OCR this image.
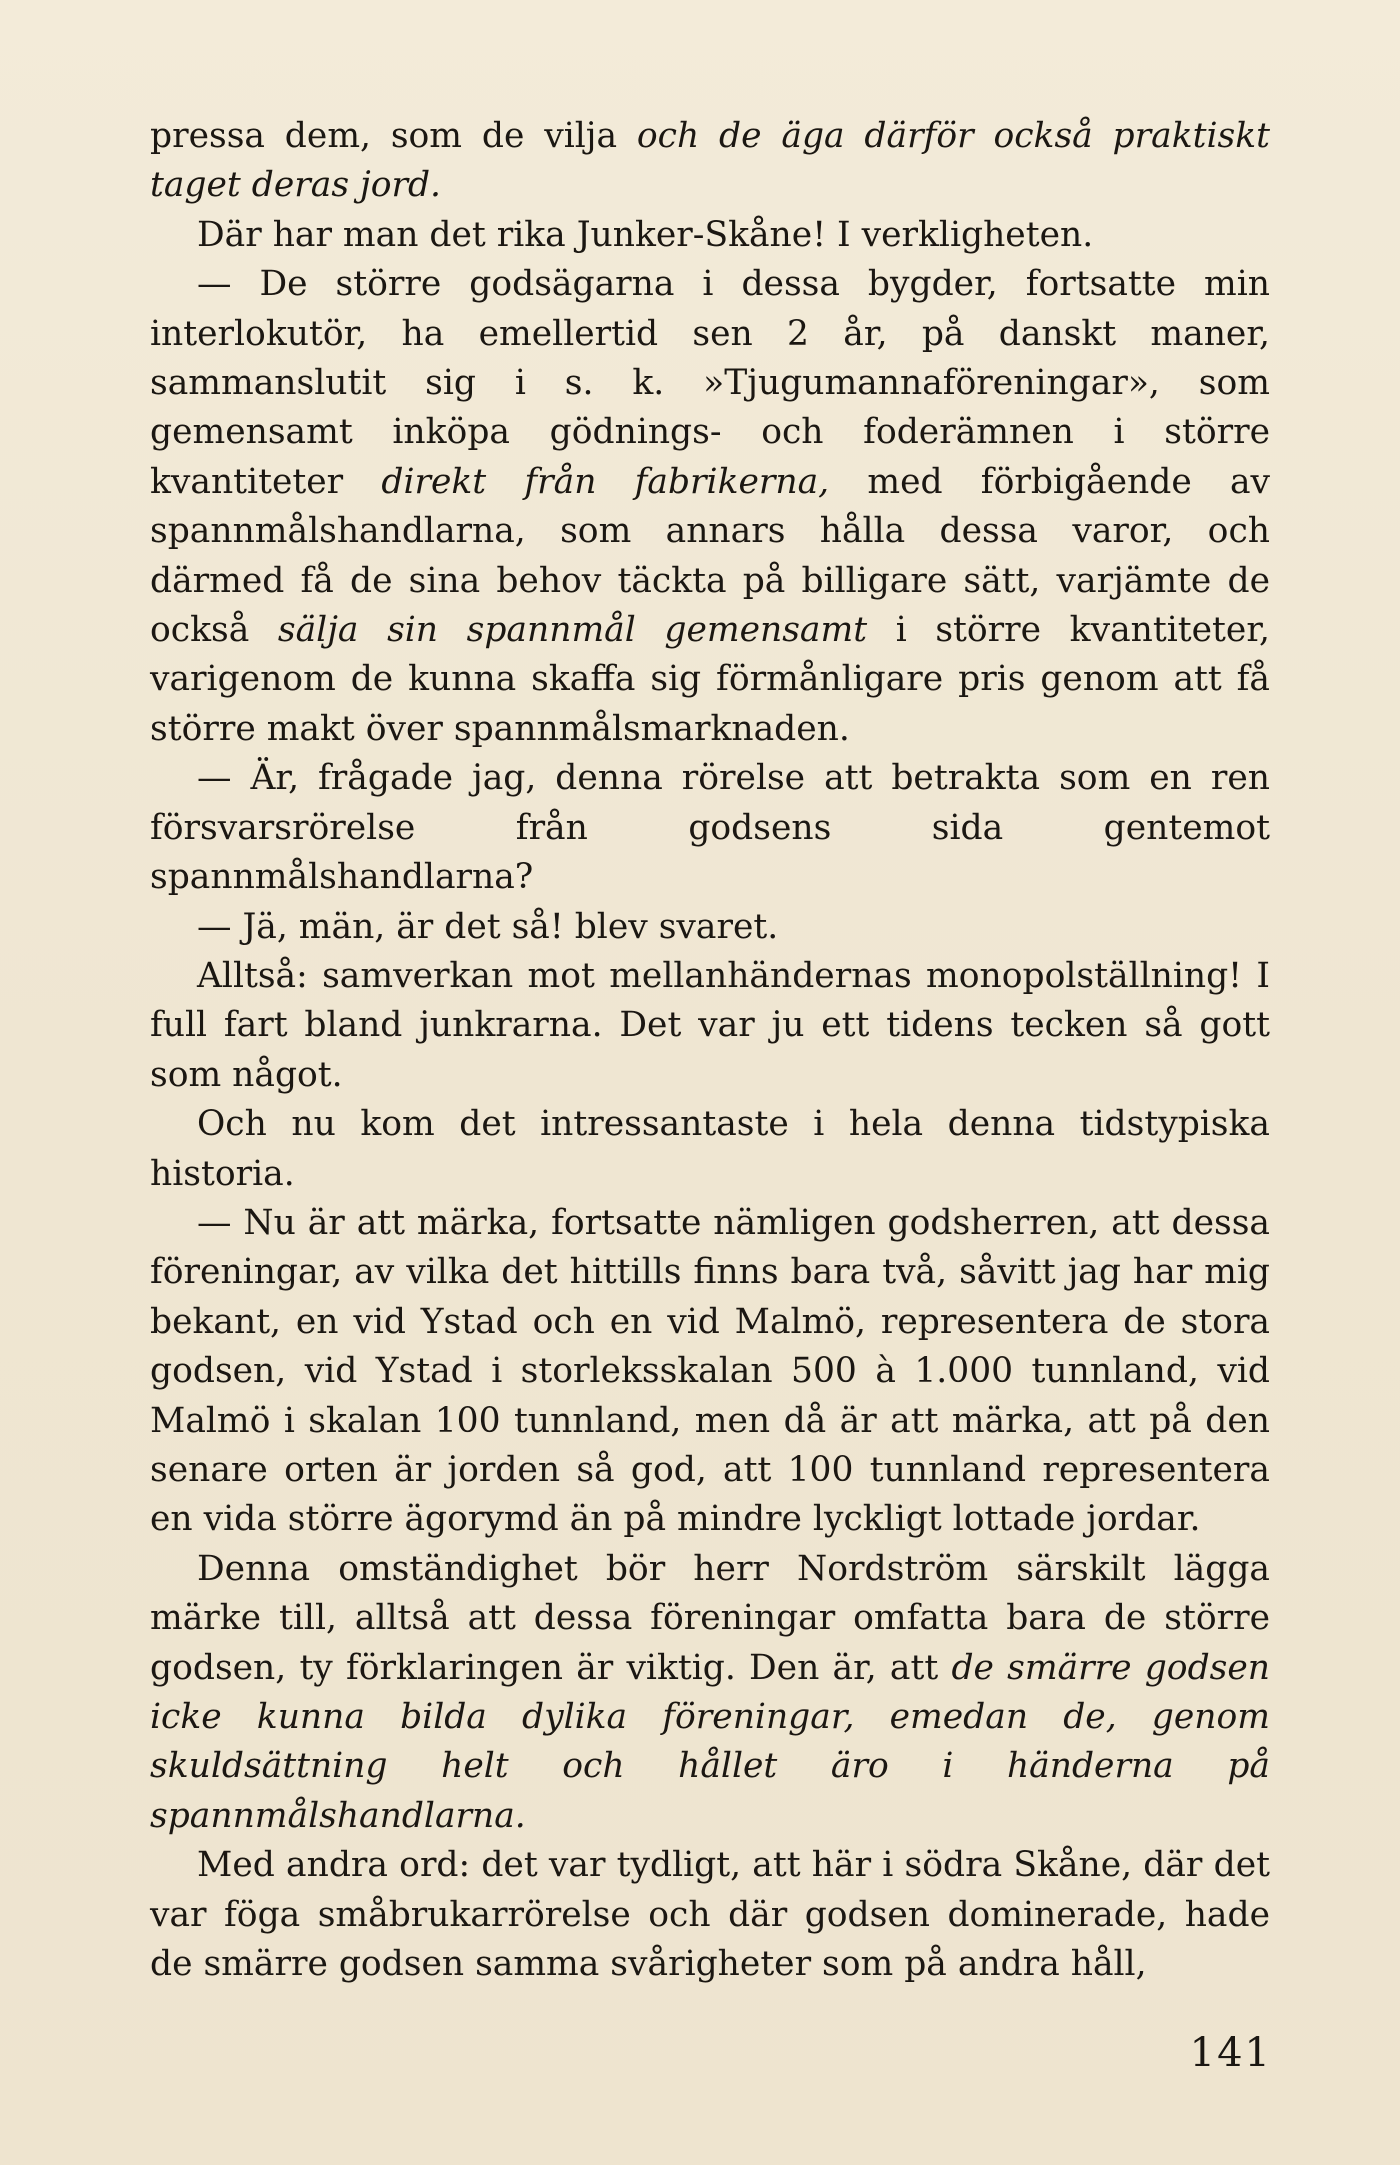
pressa dem, som de vilja och de äga därför också praktiskt taget deras jord.

Där har man det rika Junker-Skåne! I verkligheten.

— De större godsägarna i dessa bygder, fortsatte min interlokutör, ha emellertid sen 2 år, på danskt maner, sammanslutit sig i s. k. »Tjugumannaföreningar», som gemensamt inköpa gödnings- och foderämnen i större kvantiteter direkt från fabrikerna, med förbigående av spannmålshandlarna, som annars hålla dessa varor, och därmed få de sina behov täckta på billigare sätt, varjämte de också sälja sin spannmål gemensamt i större kvantiteter, varigenom de kunna skaffa sig förmånligare pris genom att få större makt över spannmålsmarknaden.

— Är, frågade jag, denna rörelse att betrakta som en ren försvarsrörelse från godsens sida gentemot spannmålshandlarna?

— Jä, män, är det så! blev svaret.

Alltså: samverkan mot mellanhändernas monopolställning! I full fart bland junkrarna. Det var ju ett tidens tecken så gott som något.

Och nu kom det intressantaste i hela denna tidstypiska historia.

— Nu är att märka, fortsatte nämligen godsherren, att dessa föreningar, av vilka det hittills finns bara två, såvitt jag har mig bekant, en vid Ystad och en vid Malmö, representera de stora godsen, vid Ystad i storleksskalan 500 à 1.000 tunnland, vid Malmö i skalan 100 tunnland, men då är att märka, att på den senare orten är jorden så god, att 100 tunnland representera en vida större ägorymd än på mindre lyckligt lottade jordar.

Denna omständighet bör herr Nordström särskilt lägga märke till, alltså att dessa föreningar omfatta bara de större godsen, ty förklaringen är viktig. Den är, att de smärre godsen icke kunna bilda dylika föreningar, emedan de, genom skuldsättning helt och hållet äro i händerna på spannmålshandlarna.

Med andra ord: det var tydligt, att här i södra Skåne, där det var föga småbrukarrörelse och där godsen dominerade, hade de smärre godsen samma svårigheter som på andra håll,

141
